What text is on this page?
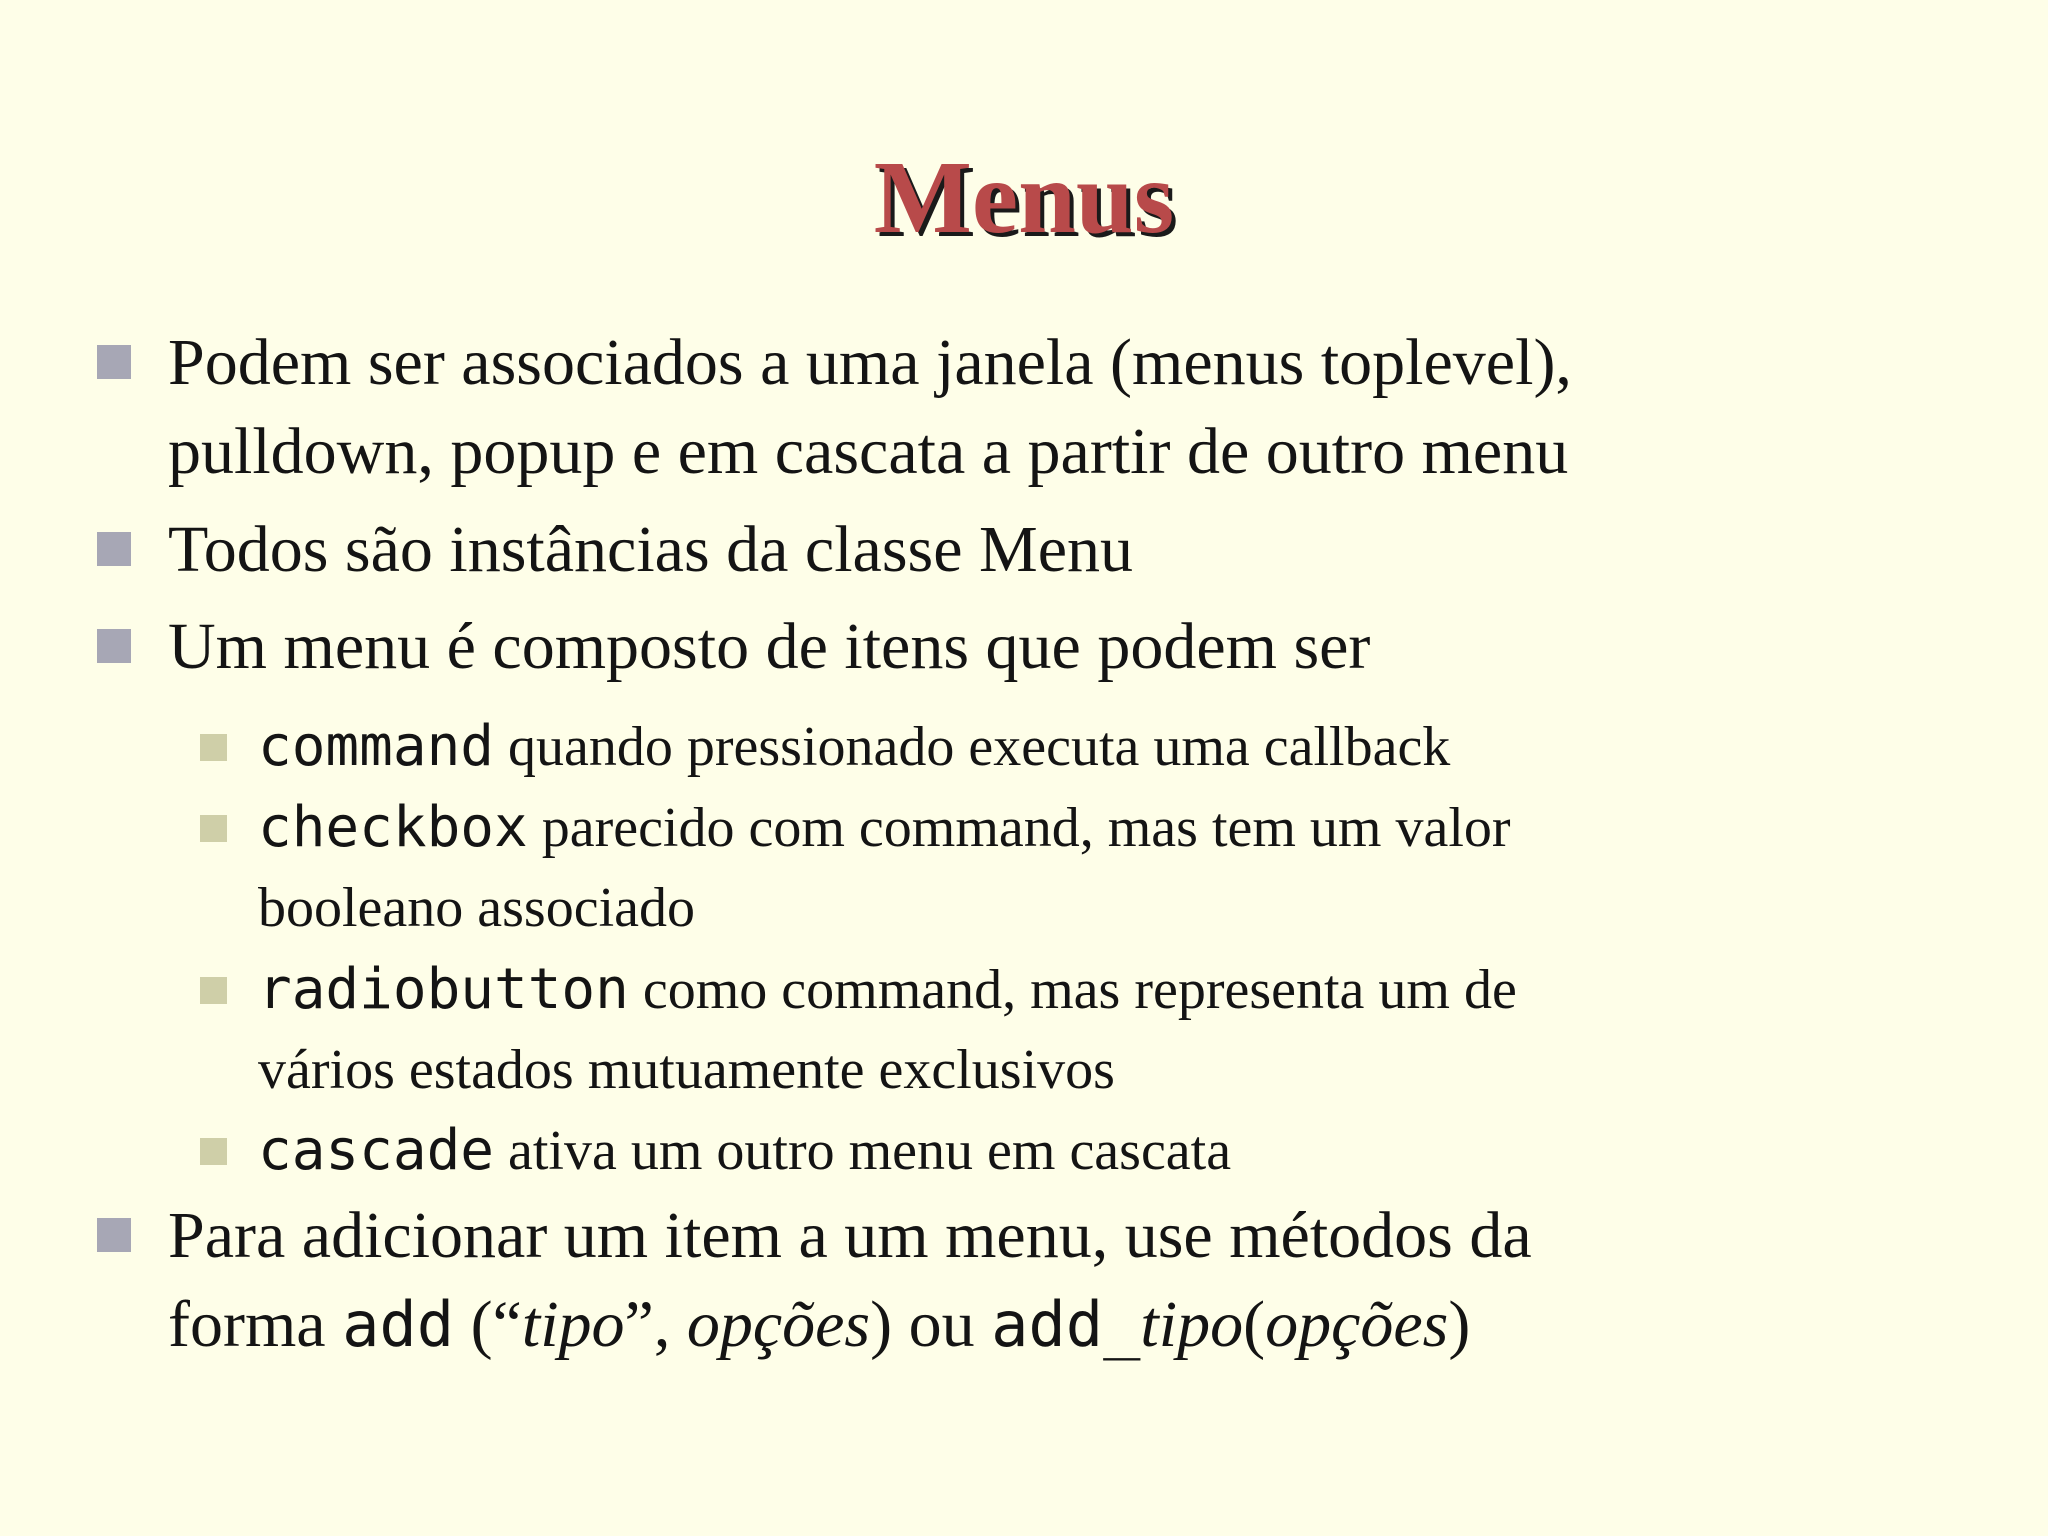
Menus
Podem ser associados a uma janela (menus toplevel),
pulldown, popup e em cascata a partir de outro menu
Todos são instâncias da classe Menu
Um menu é composto de itens que podem ser
command quando pressionado executa uma callback
checkbox parecido com command, mas tem um valor
booleano associado
radiobutton como command, mas representa um de
vários estados mutuamente exclusivos
cascade ativa um outro menu em cascata
Para adicionar um item a um menu, use métodos da
forma add (“tipo”, opções) ou add_tipo(opções)
